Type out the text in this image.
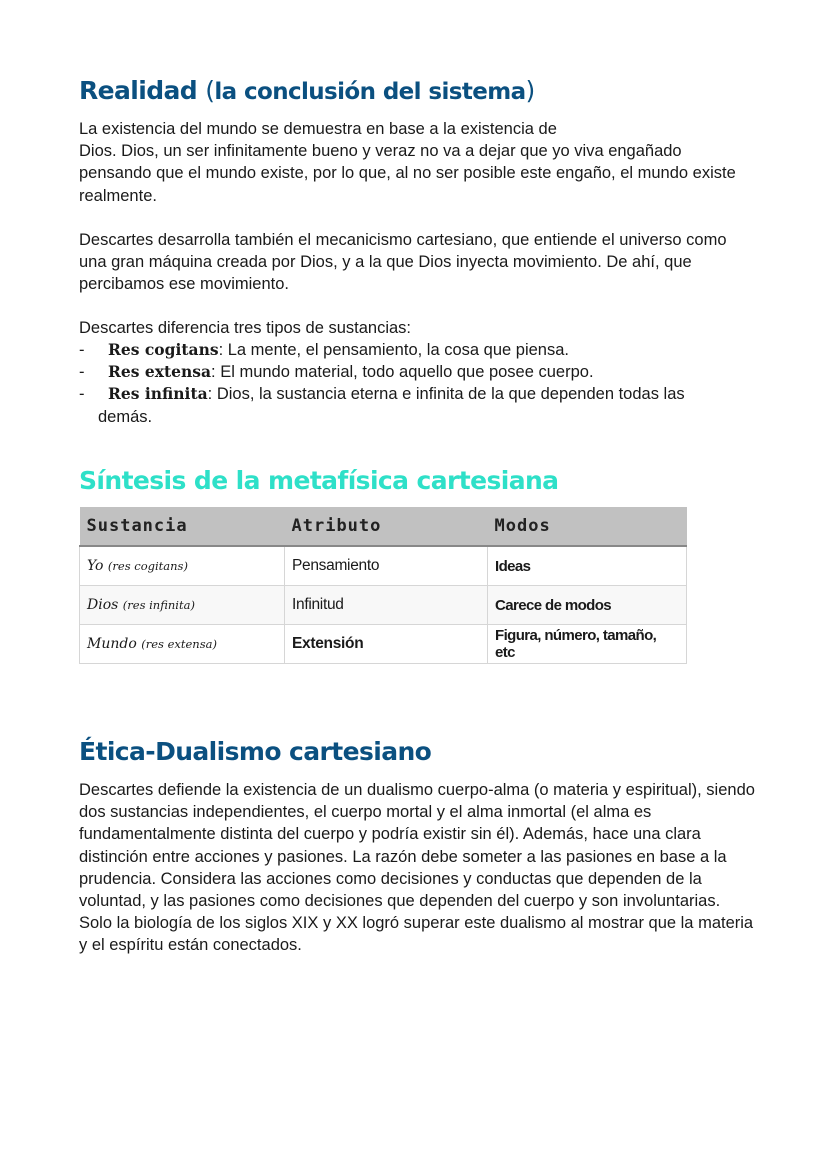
Realidad (la conclusión del sistema)

La existencia del mundo se demuestra en base a la existencia de
Dios. Dios, un ser infinitamente bueno y veraz no va a dejar que yo viva engañado pensando que el mundo existe, por lo que, al no ser posible este engaño, el mundo existe realmente.

Descartes desarrolla también el mecanicismo cartesiano, que entiende el universo como una gran máquina creada por Dios, y a la que Dios inyecta movimiento. De ahí, que percibamos ese movimiento.

Descartes diferencia tres tipos de sustancias:

- Res cogitans: La mente, el pensamiento, la cosa que piensa.
- Res extensa: El mundo material, todo aquello que posee cuerpo.
- Res infinita: Dios, la sustancia eterna e infinita de la que dependen todas las
demás.
Síntesis de la metafísica cartesiana
Sustancia	Atributo	Modos
Yo (res cogitans)	Pensamiento	Ideas
Dios (res infinita)	Infinitud	Carece de modos
Mundo (res extensa)	Extensión	Figura, número, tamaño, etc
Ética-Dualismo cartesiano

Descartes defiende la existencia de un dualismo cuerpo-alma (o materia y espiritual), siendo dos sustancias independientes, el cuerpo mortal y el alma inmortal (el alma es fundamentalmente distinta del cuerpo y podría existir sin él). Además, hace una clara distinción entre acciones y pasiones. La razón debe someter a las pasiones en base a la prudencia. Considera las acciones como decisiones y conductas que dependen de la voluntad, y las pasiones como decisiones que dependen del cuerpo y son involuntarias.
Solo la biología de los siglos XIX y XX logró superar este dualismo al mostrar que la materia y el espíritu están conectados.
